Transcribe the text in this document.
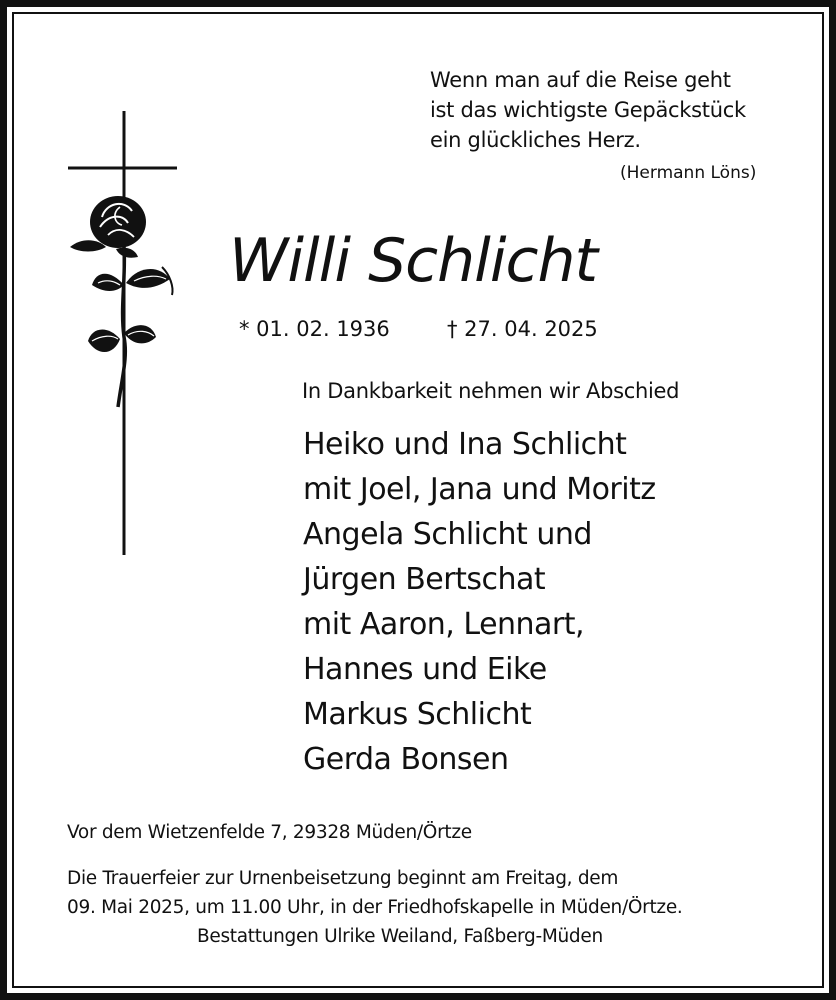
Wenn man auf die Reise geht
ist das wichtigste Gepäckstück
ein glückliches Herz.
(Hermann Löns)
Willi Schlicht
* 01. 02. 1936	† 27. 04. 2025
In Dankbarkeit nehmen wir Abschied
Heiko und Ina Schlicht
mit Joel, Jana und Moritz
Angela Schlicht und
Jürgen Bertschat
mit Aaron, Lennart,
Hannes und Eike
Markus Schlicht
Gerda Bonsen
Vor dem Wietzenfelde 7, 29328 Müden/Örtze
Die Trauerfeier zur Urnenbeisetzung beginnt am Freitag, dem
09. Mai 2025, um 11.00 Uhr, in der Friedhofskapelle in Müden/Örtze.
Bestattungen Ulrike Weiland, Faßberg-Müden
